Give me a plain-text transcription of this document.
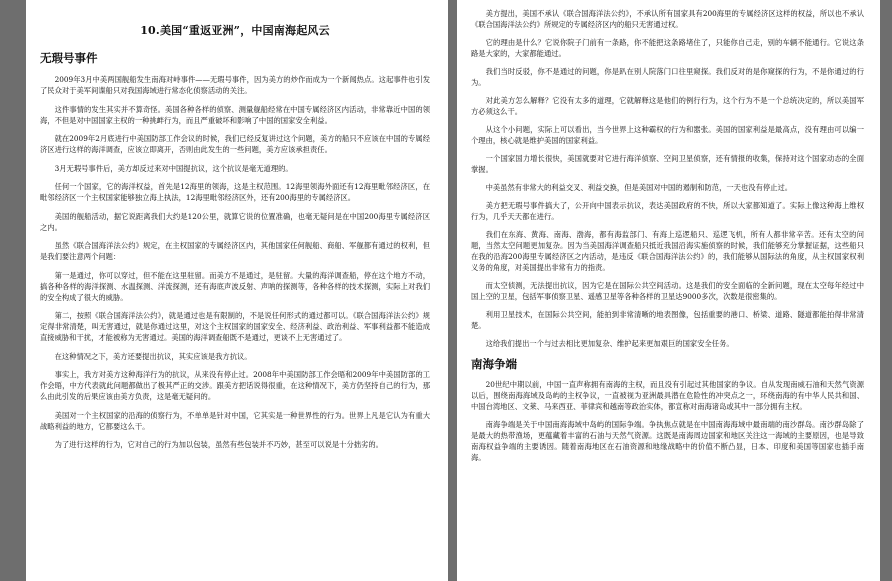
10.美国“重返亚洲”，中国南海起风云
无瑕号事件

2009年3月中美两国舰船发生南海对峙事件——无瑕号事件，因为美方的炒作而成为一个新闻热点。这起事件也引发了民众对于美军间谍船只对我国海域进行常态化侦察活动的关注。

这件事情的发生其实并不算奇怪。美国各种各样的侦察、测量舰船经常在中国专属经济区内活动，非常靠近中国的领海，不但是对中国国家主权的一种挑衅行为，而且严重破坏和影响了中国的国家安全利益。

就在2009年2月底进行中美国防部工作会议的时候，我们已经反复讲过这个问题，美方的船只不应该在中国的专属经济区进行这样的海洋调查，应该立即离开，否则由此发生的一些问题，美方应该承担责任。

3月无瑕号事件后，美方却反过来对中国提抗议，这个抗议是毫无道理的。

任何一个国家，它的海洋权益，首先是12海里的领海，这是主权范围。12海里领海外面还有12海里毗邻经济区，在毗邻经济区一个主权国家能够独立海上执法，12海里毗邻经济区外，还有200海里的专属经济区。

美国的舰船活动，据它说距离我们大约是120公里，就算它说的位置准确，也毫无疑问是在中国200海里专属经济区之内。

虽然《联合国海洋法公约》规定，在主权国家的专属经济区内，其他国家任何舰船、商船、军舰都有通过的权利，但是我们要注意两个问题：

第一是通过，你可以穿过，但不能在这里驻留。而美方不是通过，是驻留。大量的海洋调查船，停在这个地方不动，搞各种各样的海洋探测、水温探测、洋流探测，还有海底声波反射、声呐的探测等，各种各样的技术探测，实际上对我们的安全构成了很大的威胁。

第二，按照《联合国海洋法公约》，就是通过也是有限制的，不是说任何形式的通过都可以。《联合国海洋法公约》规定得非常清楚，叫无害通过，就是你通过这里，对这个主权国家的国家安全、经济利益、政治利益、军事利益都不能造成直接威胁和干扰，才能被称为无害通过。美国的海洋调查船既不是通过，更谈不上无害通过了。

在这种情况之下，美方还要提出抗议，其实应该是我方抗议。

事实上，我方对美方这种海洋行为的抗议，从来没有停止过。2008年中美国防部工作会晤和2009年中美国防部的工作会晤，中方代表就此问题都做出了极其严正的交涉。跟美方把话说得很重，在这种情况下，美方仍坚持自己的行为，那么由此引发的后果应该由美方负责，这是毫无疑问的。

美国对一个主权国家的沿海的侦察行为，不单单是针对中国，它其实是一种世界性的行为。世界上凡是它认为有重大战略利益的地方，它都要这么干。

为了进行这样的行为，它对自己的行为加以包装，虽然有些包装并不巧妙，甚至可以说是十分拙劣的。

美方提出，美国不承认《联合国海洋法公约》，不承认所有国家具有200海里的专属经济区这样的权益，所以也不承认《联合国海洋法公约》所规定的专属经济区内的船只无害通过权。

它的理由是什么？它说你院子门前有一条路，你不能把这条路堵住了，只能你自己走，别的车辆不能通行。它说这条路是大家的，大家都能通过。

我们当时反驳，你不是通过的问题，你是趴在别人院落门口往里窥探。我们反对的是你窥探的行为，不是你通过的行为。

对此美方怎么解释？它没有太多的道理，它就解释这是他们的例行行为，这个行为不是一个总统决定的，所以美国军方必须这么干。

从这个小问题，实际上可以看出，当今世界上这种霸权的行为和嚣张。美国的国家利益是最高点，没有理由可以编一个理由，核心就是维护美国的国家利益。

一个国家国力增长很快，美国就要对它进行海洋侦察、空间卫星侦察，还有情报的收集，保持对这个国家动态的全面掌握。

中美虽然有非常大的利益交叉、利益交换，但是美国对中国的遏制和防范，一天也没有停止过。

美方把无瑕号事件搞大了，公开向中国表示抗议，表达美国政府的不快，所以大家都知道了。实际上像这种海上维权行为，几乎天天都在进行。

我们在东海、黄海、南海、渤海，都有海监部门、有海上巡逻船只、巡逻飞机，所有人都非常辛苦。还有太空的问题，当然太空问题更加复杂。因为当美国海洋调查船只抵近我国沿海实施侦察的时候，我们能够充分掌握证据，这些船只在我的沿海200海里专属经济区之内活动，是违反《联合国海洋法公约》的，我们能够从国际法的角度，从主权国家权利义务的角度，对美国提出非常有力的指责。

而太空侦测，无法提出抗议，因为它是在国际公共空间活动。这是我们的安全面临的全新问题，现在太空每年经过中国上空的卫星，包括军事侦察卫星、遥感卫星等各种各样的卫星达9000多次，次数是很密集的。

利用卫星技术，在国际公共空间，能拍到非常清晰的地表图像，包括重要的港口、桥梁、道路、隧道都能拍得非常清楚。

这给我们提出一个与过去相比更加复杂、维护起来更加艰巨的国家安全任务。

南海争端

20世纪中期以前，中国一直声称拥有南海的主权，而且没有引起过其他国家的争议。自从发现南威石油和天然气资源以后，围绕南海海域及岛屿的主权争议，一直被视为亚洲最具潜在危险性的冲突点之一，环绕南海的有中华人民共和国、中国台湾地区、文莱、马来西亚、菲律宾和越南等政治实体，都宣称对南海诸岛或其中一部分拥有主权。

南海争端是关于中国南海海域中岛屿的国际争端。争执焦点就是在中国南海海域中最南端的南沙群岛。南沙群岛除了是最大的热带渔场，更蕴藏着丰富的石油与天然气资源。这既是南海周边国家和地区关注这一海域的主要原因，也是导致南海权益争端的主要诱因。随着南海地区在石油资源和地缘战略中的价值不断凸显，日本、印度和美国等国家也插手南海。
